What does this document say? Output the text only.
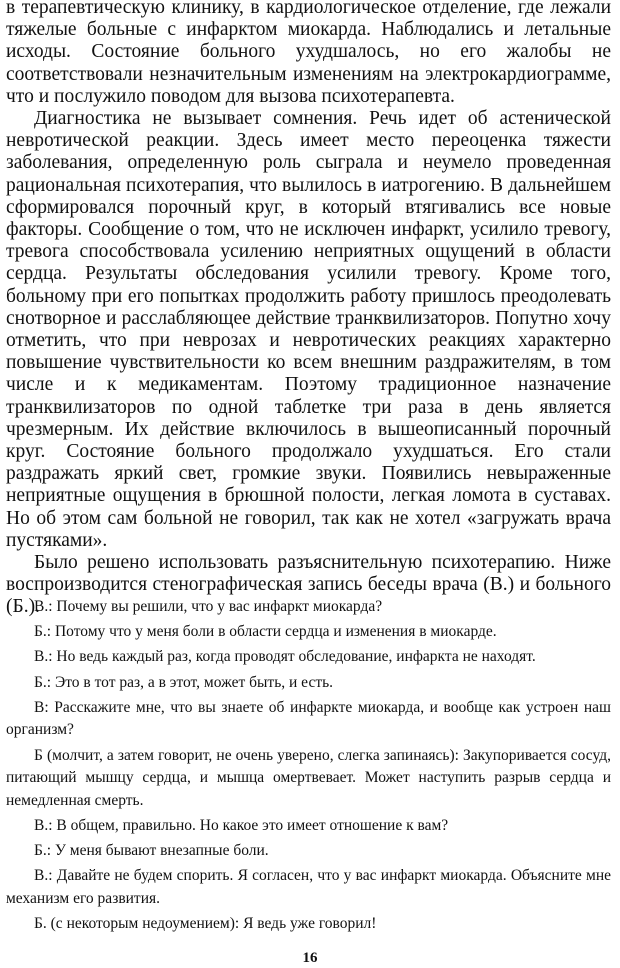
в терапевтическую клинику, в кардиологическое отделение, где лежали тяжелые больные с инфарктом миокарда. Наблюдались и летальные исходы. Состояние больного ухудшалось, но его жалобы не соответствовали незначительным изменениям на электрокардиограмме, что и послужило поводом для вызова психотерапевта.

Диагностика не вызывает сомнения. Речь идет об астенической невротической реакции. Здесь имеет место переоценка тяжести заболевания, определенную роль сыграла и неумело проведенная рациональная психотерапия, что вылилось в иатрогению. В дальнейшем сформировался порочный круг, в который втягивались все новые факторы. Сообщение о том, что не исключен инфаркт, усилило тревогу, тревога способствовала усилению неприятных ощущений в области сердца. Результаты обследования усилили тревогу. Кроме того, больному при его попытках продолжить работу пришлось преодолевать снотворное и расслабляющее действие транквилизаторов. Попутно хочу отметить, что при неврозах и невротических реакциях характерно повышение чувствительности ко всем внешним раздражителям, в том числе и к медикаментам. Поэтому традиционное назначение транквилизаторов по одной таблетке три раза в день является чрезмерным. Их действие включилось в вышеописанный порочный круг. Состояние больного продолжало ухудшаться. Его стали раздражать яркий свет, громкие звуки. Появились невыраженные неприятные ощущения в брюшной полости, легкая ломота в суставах. Но об этом сам больной не говорил, так как не хотел «загружать врача пустяками».

Было решено использовать разъяснительную психотерапию. Ниже воспроизводится стенографическая запись беседы врача (В.) и больного (Б.).

В.: Почему вы решили, что у вас инфаркт миокарда?

Б.: Потому что у меня боли в области сердца и изменения в миокарде.

В.: Но ведь каждый раз, когда проводят обследование, инфаркта не находят.

Б.: Это в тот раз, а в этот, может быть, и есть.

В: Расскажите мне, что вы знаете об инфаркте миокарда, и вообще как устроен наш организм?

Б (молчит, а затем говорит, не очень уверено, слегка запинаясь): Закупоривается сосуд, питающий мышцу сердца, и мышца омертвевает. Может наступить разрыв сердца и немедленная смерть.

В.: В общем, правильно. Но какое это имеет отношение к вам?

Б.: У меня бывают внезапные боли.

В.: Давайте не будем спорить. Я согласен, что у вас инфаркт миокарда. Объясните мне механизм его развития.

Б. (с некоторым недоумением): Я ведь уже говорил!

16
